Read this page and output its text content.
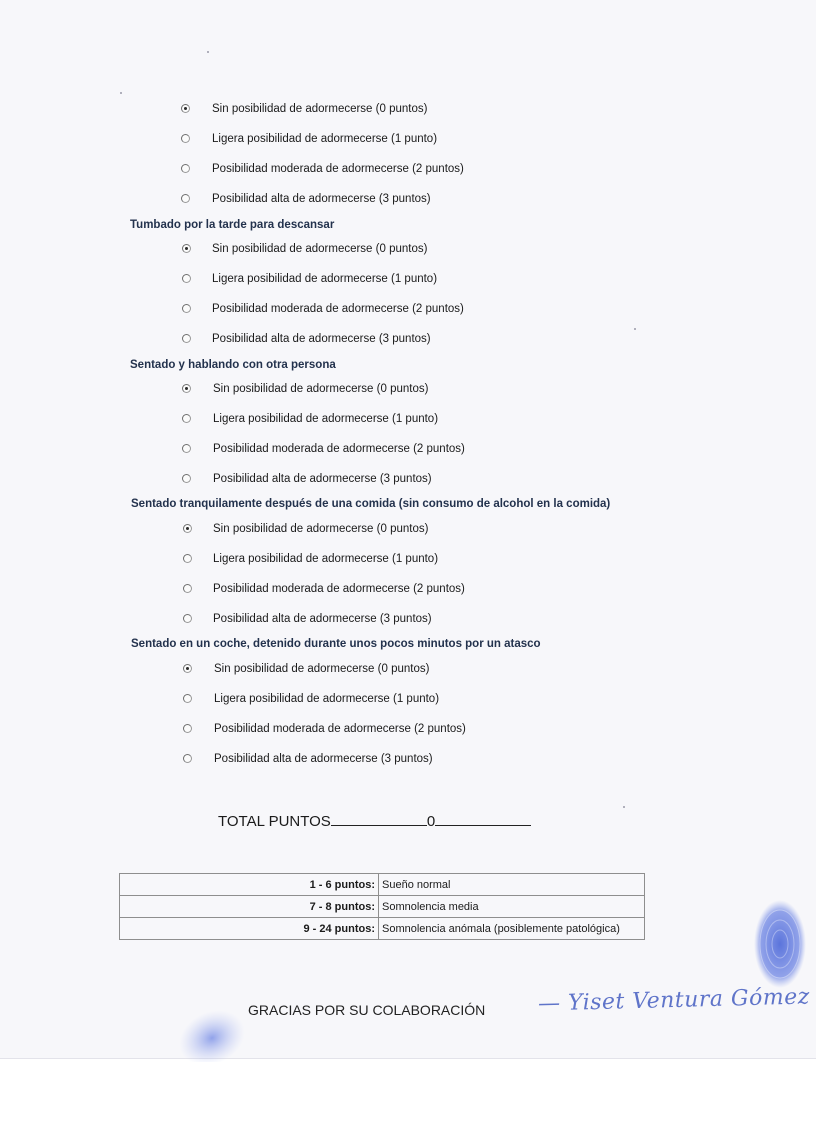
Sin posibilidad de adormecerse (0 puntos)
Ligera posibilidad de adormecerse (1 punto)
Posibilidad moderada de adormecerse (2 puntos)
Posibilidad alta de adormecerse (3 puntos)
Tumbado por la tarde para descansar
Sin posibilidad de adormecerse (0 puntos)
Ligera posibilidad de adormecerse (1 punto)
Posibilidad moderada de adormecerse (2 puntos)
Posibilidad alta de adormecerse (3 puntos)
Sentado y hablando con otra persona
Sin posibilidad de adormecerse (0 puntos)
Ligera posibilidad de adormecerse (1 punto)
Posibilidad moderada de adormecerse (2 puntos)
Posibilidad alta de adormecerse (3 puntos)
Sentado tranquilamente después de una comida (sin consumo de alcohol en la comida)
Sin posibilidad de adormecerse (0 puntos)
Ligera posibilidad de adormecerse (1 punto)
Posibilidad moderada de adormecerse (2 puntos)
Posibilidad alta de adormecerse (3 puntos)
Sentado en un coche, detenido durante unos pocos minutos por un atasco
Sin posibilidad de adormecerse (0 puntos)
Ligera posibilidad de adormecerse (1 punto)
Posibilidad moderada de adormecerse (2 puntos)
Posibilidad alta de adormecerse (3 puntos)
TOTAL PUNTOS	0
1 - 6 puntos:	Sueño normal
7 - 8 puntos:	Somnolencia media
9 - 24 puntos:	Somnolencia anómala (posiblemente patológica)
GRACIAS POR SU COLABORACIÓN — Yiset Ventura Gómez
